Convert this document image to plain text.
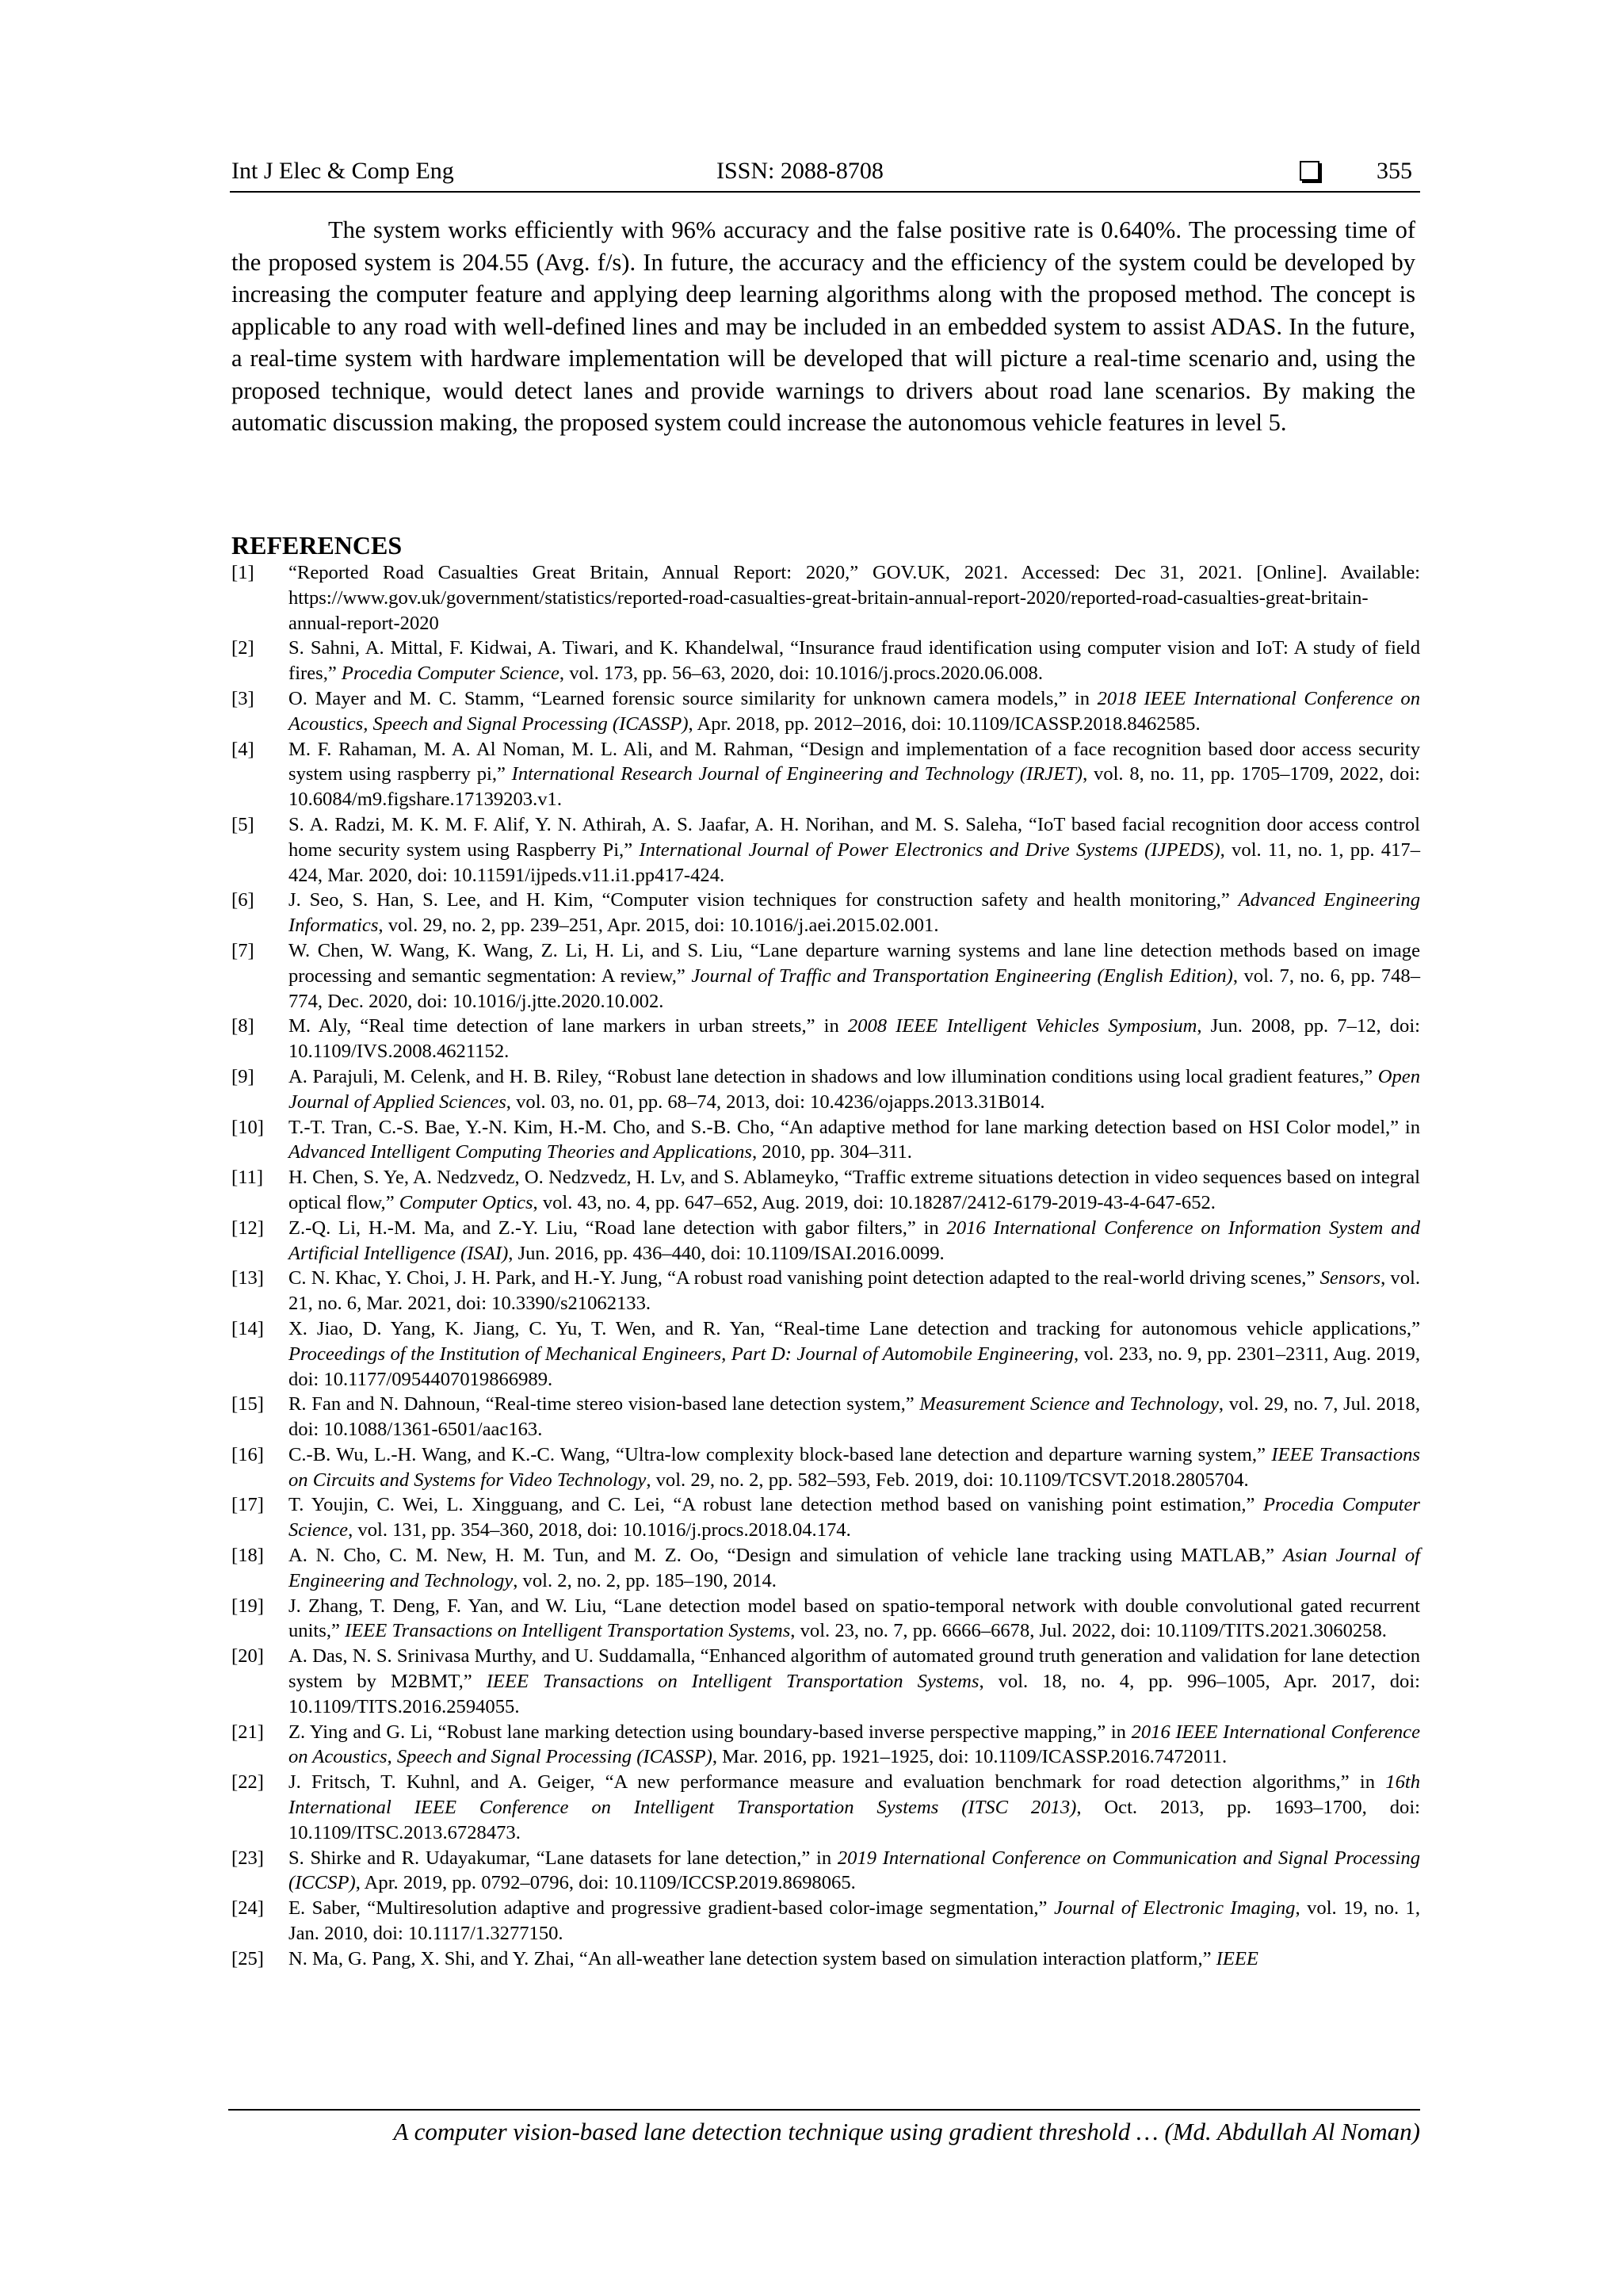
Int J Elec & Comp Eng	ISSN: 2088-8708	355

The system works efficiently with 96% accuracy and the false positive rate is 0.640%. The processing time of the proposed system is 204.55 (Avg. f/s). In future, the accuracy and the efficiency of the system could be developed by increasing the computer feature and applying deep learning algorithms along with the proposed method. The concept is applicable to any road with well-defined lines and may be included in an embedded system to assist ADAS. In the future, a real-time system with hardware implementation will be developed that will picture a real-time scenario and, using the proposed technique, would detect lanes and provide warnings to drivers about road lane scenarios. By making the automatic discussion making, the proposed system could increase the autonomous vehicle features in level 5.

REFERENCES
[1] “Reported Road Casualties Great Britain, Annual Report: 2020,” GOV.UK, 2021. Accessed: Dec 31, 2021. [Online]. Available: https://www.gov.uk/government/statistics/reported-road-casualties-great-britain-annual-report-2020/reported-road-casualties-great-britain-annual-report-2020
[2] S. Sahni, A. Mittal, F. Kidwai, A. Tiwari, and K. Khandelwal, “Insurance fraud identification using computer vision and IoT: A study of field fires,” Procedia Computer Science, vol. 173, pp. 56–63, 2020, doi: 10.1016/j.procs.2020.06.008.
[3] O. Mayer and M. C. Stamm, “Learned forensic source similarity for unknown camera models,” in 2018 IEEE International Conference on Acoustics, Speech and Signal Processing (ICASSP), Apr. 2018, pp. 2012–2016, doi: 10.1109/ICASSP.2018.8462585.
[4] M. F. Rahaman, M. A. Al Noman, M. L. Ali, and M. Rahman, “Design and implementation of a face recognition based door access security system using raspberry pi,” International Research Journal of Engineering and Technology (IRJET), vol. 8, no. 11, pp. 1705–1709, 2022, doi: 10.6084/m9.figshare.17139203.v1.
[5] S. A. Radzi, M. K. M. F. Alif, Y. N. Athirah, A. S. Jaafar, A. H. Norihan, and M. S. Saleha, “IoT based facial recognition door access control home security system using Raspberry Pi,” International Journal of Power Electronics and Drive Systems (IJPEDS), vol. 11, no. 1, pp. 417–424, Mar. 2020, doi: 10.11591/ijpeds.v11.i1.pp417-424.
[6] J. Seo, S. Han, S. Lee, and H. Kim, “Computer vision techniques for construction safety and health monitoring,” Advanced Engineering Informatics, vol. 29, no. 2, pp. 239–251, Apr. 2015, doi: 10.1016/j.aei.2015.02.001.
[7] W. Chen, W. Wang, K. Wang, Z. Li, H. Li, and S. Liu, “Lane departure warning systems and lane line detection methods based on image processing and semantic segmentation: A review,” Journal of Traffic and Transportation Engineering (English Edition), vol. 7, no. 6, pp. 748–774, Dec. 2020, doi: 10.1016/j.jtte.2020.10.002.
[8] M. Aly, “Real time detection of lane markers in urban streets,” in 2008 IEEE Intelligent Vehicles Symposium, Jun. 2008, pp. 7–12, doi: 10.1109/IVS.2008.4621152.
[9] A. Parajuli, M. Celenk, and H. B. Riley, “Robust lane detection in shadows and low illumination conditions using local gradient features,” Open Journal of Applied Sciences, vol. 03, no. 01, pp. 68–74, 2013, doi: 10.4236/ojapps.2013.31B014.
[10] T.-T. Tran, C.-S. Bae, Y.-N. Kim, H.-M. Cho, and S.-B. Cho, “An adaptive method for lane marking detection based on HSI Color model,” in Advanced Intelligent Computing Theories and Applications, 2010, pp. 304–311.
[11] H. Chen, S. Ye, A. Nedzvedz, O. Nedzvedz, H. Lv, and S. Ablameyko, “Traffic extreme situations detection in video sequences based on integral optical flow,” Computer Optics, vol. 43, no. 4, pp. 647–652, Aug. 2019, doi: 10.18287/2412-6179-2019-43-4-647-652.
[12] Z.-Q. Li, H.-M. Ma, and Z.-Y. Liu, “Road lane detection with gabor filters,” in 2016 International Conference on Information System and Artificial Intelligence (ISAI), Jun. 2016, pp. 436–440, doi: 10.1109/ISAI.2016.0099.
[13] C. N. Khac, Y. Choi, J. H. Park, and H.-Y. Jung, “A robust road vanishing point detection adapted to the real-world driving scenes,” Sensors, vol. 21, no. 6, Mar. 2021, doi: 10.3390/s21062133.
[14] X. Jiao, D. Yang, K. Jiang, C. Yu, T. Wen, and R. Yan, “Real-time Lane detection and tracking for autonomous vehicle applications,” Proceedings of the Institution of Mechanical Engineers, Part D: Journal of Automobile Engineering, vol. 233, no. 9, pp. 2301–2311, Aug. 2019, doi: 10.1177/0954407019866989.
[15] R. Fan and N. Dahnoun, “Real-time stereo vision-based lane detection system,” Measurement Science and Technology, vol. 29, no. 7, Jul. 2018, doi: 10.1088/1361-6501/aac163.
[16] C.-B. Wu, L.-H. Wang, and K.-C. Wang, “Ultra-low complexity block-based lane detection and departure warning system,” IEEE Transactions on Circuits and Systems for Video Technology, vol. 29, no. 2, pp. 582–593, Feb. 2019, doi: 10.1109/TCSVT.2018.2805704.
[17] T. Youjin, C. Wei, L. Xingguang, and C. Lei, “A robust lane detection method based on vanishing point estimation,” Procedia Computer Science, vol. 131, pp. 354–360, 2018, doi: 10.1016/j.procs.2018.04.174.
[18] A. N. Cho, C. M. New, H. M. Tun, and M. Z. Oo, “Design and simulation of vehicle lane tracking using MATLAB,” Asian Journal of Engineering and Technology, vol. 2, no. 2, pp. 185–190, 2014.
[19] J. Zhang, T. Deng, F. Yan, and W. Liu, “Lane detection model based on spatio-temporal network with double convolutional gated recurrent units,” IEEE Transactions on Intelligent Transportation Systems, vol. 23, no. 7, pp. 6666–6678, Jul. 2022, doi: 10.1109/TITS.2021.3060258.
[20] A. Das, N. S. Srinivasa Murthy, and U. Suddamalla, “Enhanced algorithm of automated ground truth generation and validation for lane detection system by M2BMT,” IEEE Transactions on Intelligent Transportation Systems, vol. 18, no. 4, pp. 996–1005, Apr. 2017, doi: 10.1109/TITS.2016.2594055.
[21] Z. Ying and G. Li, “Robust lane marking detection using boundary-based inverse perspective mapping,” in 2016 IEEE International Conference on Acoustics, Speech and Signal Processing (ICASSP), Mar. 2016, pp. 1921–1925, doi: 10.1109/ICASSP.2016.7472011.
[22] J. Fritsch, T. Kuhnl, and A. Geiger, “A new performance measure and evaluation benchmark for road detection algorithms,” in 16th International IEEE Conference on Intelligent Transportation Systems (ITSC 2013), Oct. 2013, pp. 1693–1700, doi: 10.1109/ITSC.2013.6728473.
[23] S. Shirke and R. Udayakumar, “Lane datasets for lane detection,” in 2019 International Conference on Communication and Signal Processing (ICCSP), Apr. 2019, pp. 0792–0796, doi: 10.1109/ICCSP.2019.8698065.
[24] E. Saber, “Multiresolution adaptive and progressive gradient-based color-image segmentation,” Journal of Electronic Imaging, vol. 19, no. 1, Jan. 2010, doi: 10.1117/1.3277150.
[25] N. Ma, G. Pang, X. Shi, and Y. Zhai, “An all-weather lane detection system based on simulation interaction platform,” IEEE
A computer vision-based lane detection technique using gradient threshold … (Md. Abdullah Al Noman)
